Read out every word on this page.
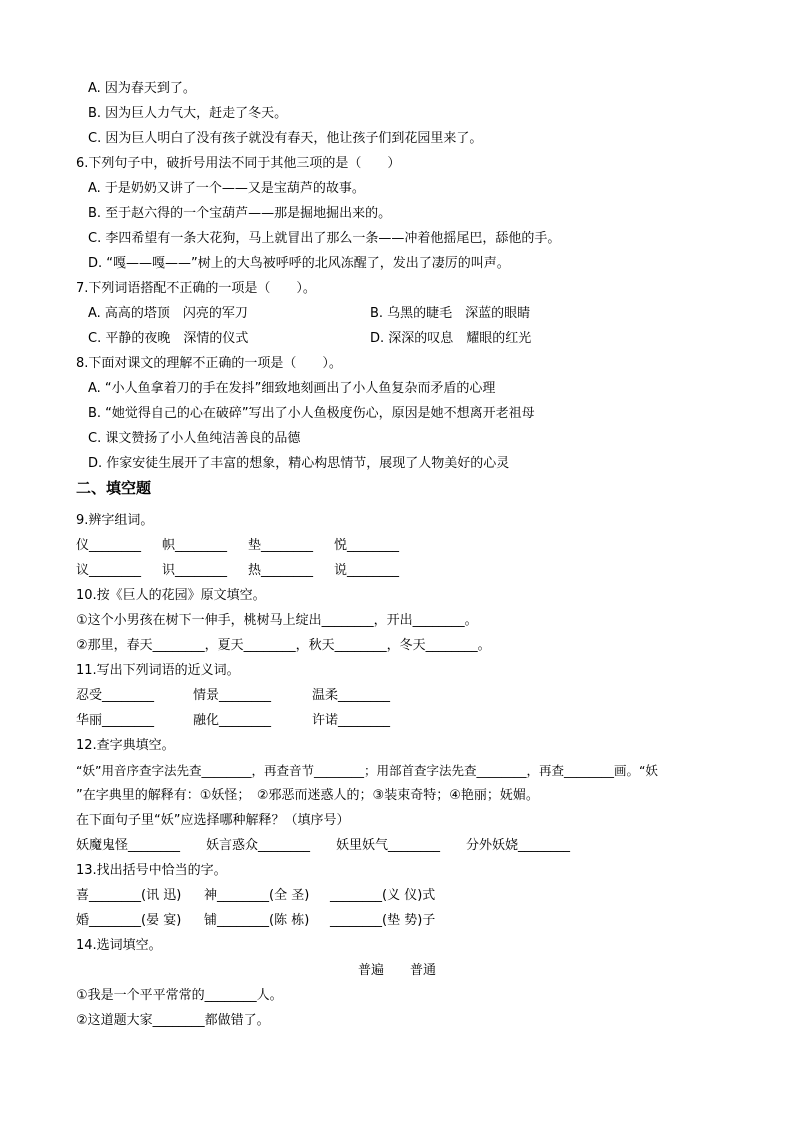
A. 因为春天到了。
B. 因为巨人力气大，赶走了冬天。
C. 因为巨人明白了没有孩子就没有春天，他让孩子们到花园里来了。
6.下列句子中，破折号用法不同于其他三项的是（　　）
A. 于是奶奶又讲了一个——又是宝葫芦的故事。
B. 至于赵六得的一个宝葫芦——那是掘地掘出来的。
C. 李四希望有一条大花狗，马上就冒出了那么一条——冲着他摇尾巴，舔他的手。
D. “嘎——嘎——”树上的大鸟被呼呼的北风冻醒了，发出了凄厉的叫声。
7.下列词语搭配不正确的一项是（　　）。
A. 高高的塔顶　闪亮的军刀	B. 乌黑的睫毛　深蓝的眼睛
C. 平静的夜晚　深情的仪式	D. 深深的叹息　耀眼的红光
8.下面对课文的理解不正确的一项是（　　）。
A. “小人鱼拿着刀的手在发抖”细致地刻画出了小人鱼复杂而矛盾的心理
B. “她觉得自己的心在破碎”写出了小人鱼极度伤心，原因是她不想离开老祖母
C. 课文赞扬了小人鱼纯洁善良的品德
D. 作家安徒生展开了丰富的想象，精心构思情节，展现了人物美好的心灵
二、填空题
9.辨字组词。
仪________ 帜________ 垫________ 悦________
议________ 识________ 热________ 说________
10.按《巨人的花园》原文填空。
①这个小男孩在树下一伸手，桃树马上绽出________，开出________。
②那里，春天________，夏天________，秋天________，冬天________。
11.写出下列词语的近义词。
忍受________	情景________	温柔________
华丽________	融化________	许诺________
12.查字典填空。
“妖”用音序查字法先查________，再查音节________；用部首查字法先查________，再查________画。“妖
”在字典里的解释有：①妖怪；　②邪恶而迷惑人的；③装束奇特；④艳丽；妩媚。
在下面句子里“妖”应选择哪种解释？（填序号）
妖魔鬼怪________　　妖言惑众________　　妖里妖气________　　分外妖娆________
13.找出括号中恰当的字。
喜________(讯 迅) 神________(全 圣) ________(义 仪)式
婚________(晏 宴) 铺________(陈 栋) ________(垫 势)子
14.选词填空。
普遍　　普通
①我是一个平平常常的________人。
②这道题大家________都做错了。
